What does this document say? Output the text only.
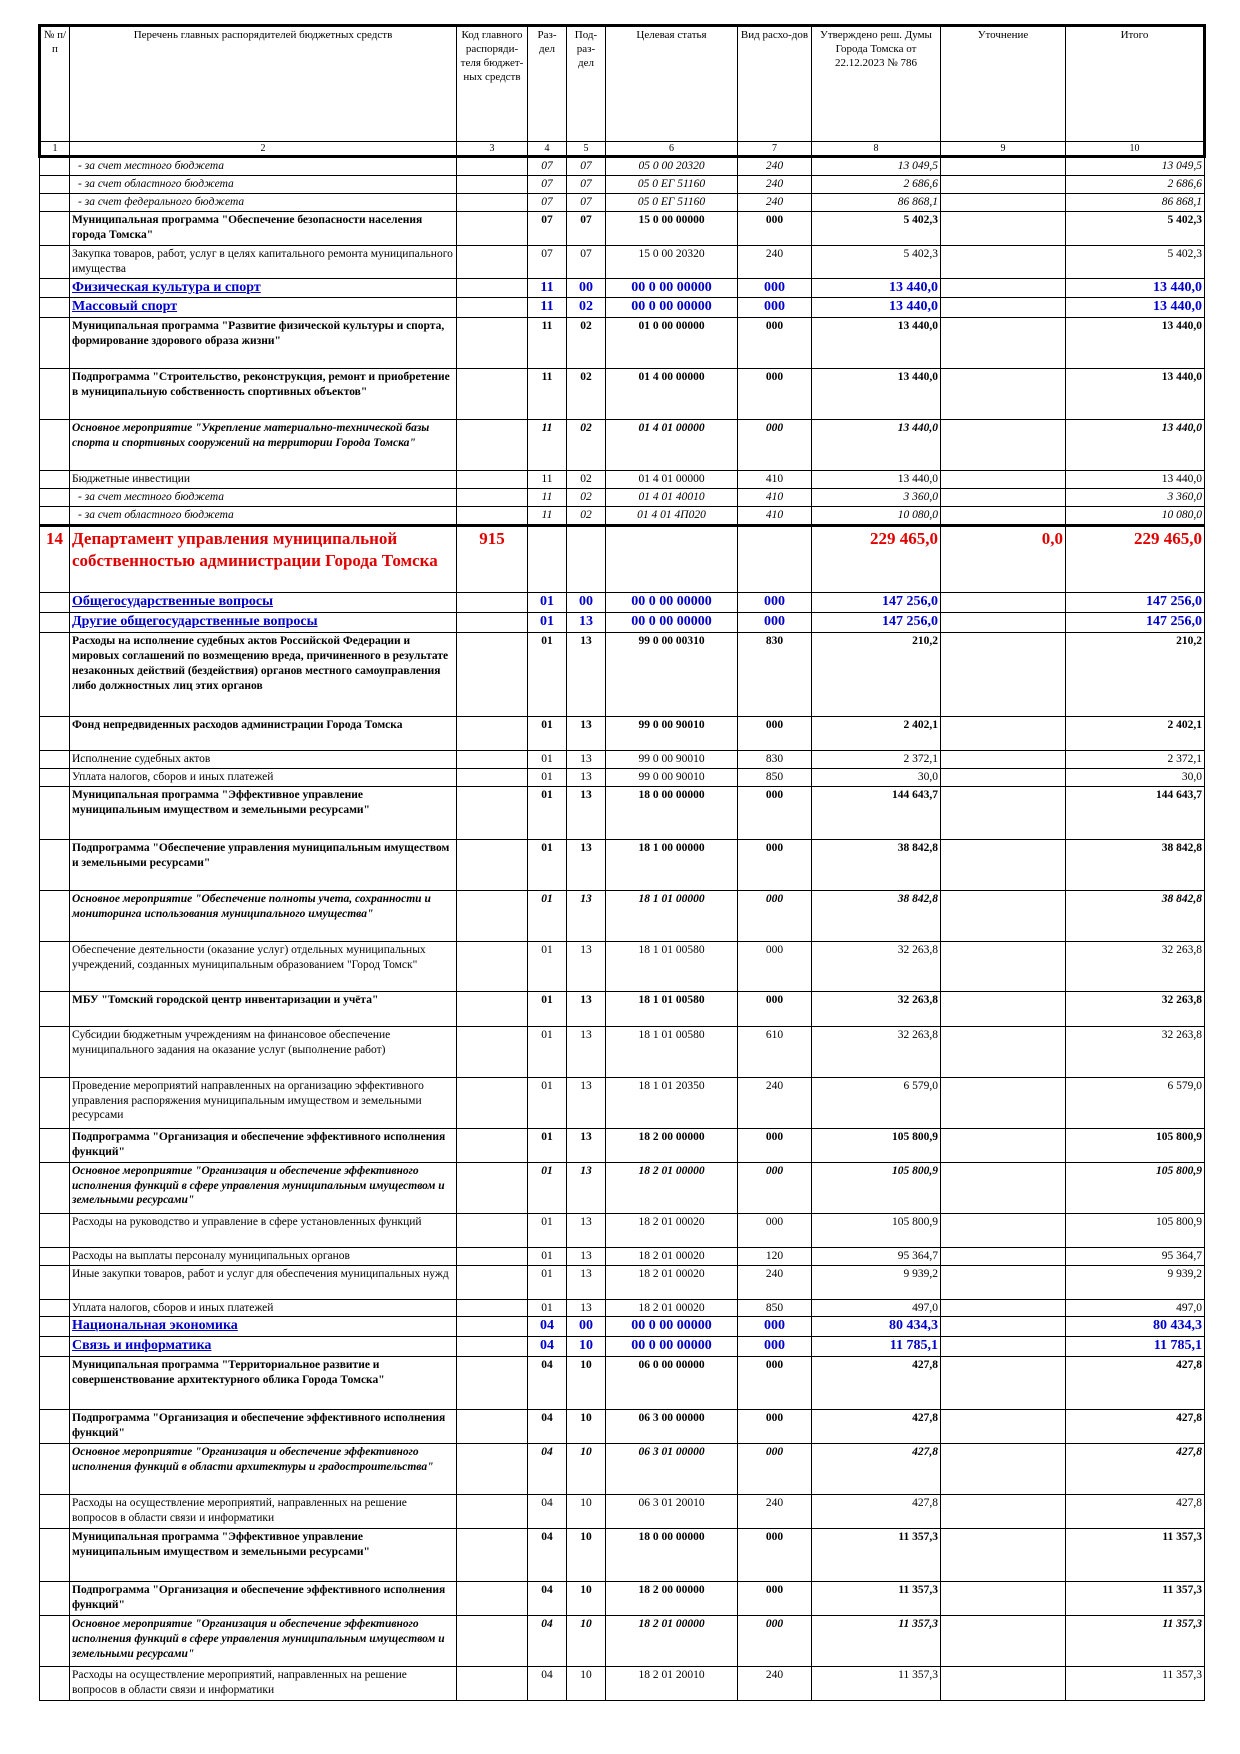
№ п/п	Перечень главных распорядителей бюджетных средств	Код главного распоряди-теля бюджет-ных средств	Раз-дел	Под-раз-дел	Целевая статья	Вид расхо-дов	Утверждено реш. Думы Города Томска от 22.12.2023 № 786	Уточнение	Итого
1	2	3	4	5	6	7	8	9	10
	- за счет местного бюджета		07	07	05 0 00 20320	240	13 049,5		13 049,5
	- за счет областного бюджета		07	07	05 0 ЕГ 51160	240	2 686,6		2 686,6
	- за счет федерального бюджета		07	07	05 0 ЕГ 51160	240	86 868,1		86 868,1
	Муниципальная программа "Обеспечение безопасности населения города Томска"		07	07	15 0 00 00000	000	5 402,3		5 402,3
	Закупка товаров, работ, услуг в целях капитального ремонта муниципального имущества		07	07	15 0 00 20320	240	5 402,3		5 402,3
	Физическая культура и спорт		11	00	00 0 00 00000	000	13 440,0		13 440,0
	Массовый спорт		11	02	00 0 00 00000	000	13 440,0		13 440,0
	Муниципальная программа "Развитие физической культуры и спорта, формирование здорового образа жизни"		11	02	01 0 00 00000	000	13 440,0		13 440,0
	Подпрограмма "Строительство, реконструкция, ремонт и приобретение в муниципальную собственность спортивных объектов"		11	02	01 4 00 00000	000	13 440,0		13 440,0
	Основное мероприятие "Укрепление материально-технической базы спорта и спортивных сооружений на территории Города Томска"		11	02	01 4 01 00000	000	13 440,0		13 440,0
	Бюджетные инвестиции		11	02	01 4 01 00000	410	13 440,0		13 440,0
	- за счет местного бюджета		11	02	01 4 01 40010	410	3 360,0		3 360,0
	- за счет областного бюджета		11	02	01 4 01 4П020	410	10 080,0		10 080,0
14	Департамент управления муниципальной собственностью администрации Города Томска	915					229 465,0	0,0	229 465,0
	Общегосударственные вопросы		01	00	00 0 00 00000	000	147 256,0		147 256,0
	Другие общегосударственные вопросы		01	13	00 0 00 00000	000	147 256,0		147 256,0
	Расходы на исполнение судебных актов Российской Федерации и мировых соглашений по возмещению вреда, причиненного в результате незаконных действий (бездействия) органов местного самоуправления либо должностных лиц этих органов		01	13	99 0 00 00310	830	210,2		210,2
	Фонд непредвиденных расходов администрации Города Томска		01	13	99 0 00 90010	000	2 402,1		2 402,1
	Исполнение судебных актов		01	13	99 0 00 90010	830	2 372,1		2 372,1
	Уплата налогов, сборов и иных платежей		01	13	99 0 00 90010	850	30,0		30,0
	Муниципальная программа "Эффективное управление муниципальным имуществом и земельными ресурсами"		01	13	18 0 00 00000	000	144 643,7		144 643,7
	Подпрограмма "Обеспечение управления муниципальным имуществом и земельными ресурсами"		01	13	18 1 00 00000	000	38 842,8		38 842,8
	Основное мероприятие "Обеспечение полноты учета, сохранности и мониторинга использования муниципального имущества"		01	13	18 1 01 00000	000	38 842,8		38 842,8
	Обеспечение деятельности (оказание услуг) отдельных муниципальных учреждений, созданных муниципальным образованием "Город Томск"		01	13	18 1 01 00580	000	32 263,8		32 263,8
	МБУ "Томский городской центр инвентаризации и учёта"		01	13	18 1 01 00580	000	32 263,8		32 263,8
	Субсидии бюджетным учреждениям на финансовое обеспечение муниципального задания на оказание услуг (выполнение работ)		01	13	18 1 01 00580	610	32 263,8		32 263,8
	Проведение мероприятий направленных на организацию эффективного управления распоряжения муниципальным имуществом и земельными ресурсами		01	13	18 1 01 20350	240	6 579,0		6 579,0
	Подпрограмма "Организация и обеспечение эффективного исполнения функций"		01	13	18 2 00 00000	000	105 800,9		105 800,9
	Основное мероприятие "Организация и обеспечение эффективного исполнения функций в сфере управления муниципальным имуществом и земельными ресурсами"		01	13	18 2 01 00000	000	105 800,9		105 800,9
	Расходы на руководство и управление в сфере установленных функций		01	13	18 2 01 00020	000	105 800,9		105 800,9
	Расходы на выплаты персоналу муниципальных органов		01	13	18 2 01 00020	120	95 364,7		95 364,7
	Иные закупки товаров, работ и услуг для обеспечения муниципальных нужд		01	13	18 2 01 00020	240	9 939,2		9 939,2
	Уплата налогов, сборов и иных платежей		01	13	18 2 01 00020	850	497,0		497,0
	Национальная экономика		04	00	00 0 00 00000	000	80 434,3		80 434,3
	Связь и информатика		04	10	00 0 00 00000	000	11 785,1		11 785,1
	Муниципальная программа "Территориальное развитие и совершенствование архитектурного облика Города Томска"		04	10	06 0 00 00000	000	427,8		427,8
	Подпрограмма "Организация и обеспечение эффективного исполнения функций"		04	10	06 3 00 00000	000	427,8		427,8
	Основное мероприятие "Организация и обеспечение эффективного исполнения функций в области архитектуры и градостроительства"		04	10	06 3 01 00000	000	427,8		427,8
	Расходы на осуществление мероприятий, направленных на решение вопросов в области связи и информатики		04	10	06 3 01 20010	240	427,8		427,8
	Муниципальная программа "Эффективное управление муниципальным имуществом и земельными ресурсами"		04	10	18 0 00 00000	000	11 357,3		11 357,3
	Подпрограмма "Организация и обеспечение эффективного исполнения функций"		04	10	18 2 00 00000	000	11 357,3		11 357,3
	Основное мероприятие "Организация и обеспечение эффективного исполнения функций в сфере управления муниципальным имуществом и земельными ресурсами"		04	10	18 2 01 00000	000	11 357,3		11 357,3
	Расходы на осуществление мероприятий, направленных на решение вопросов в области связи и информатики		04	10	18 2 01 20010	240	11 357,3		11 357,3
